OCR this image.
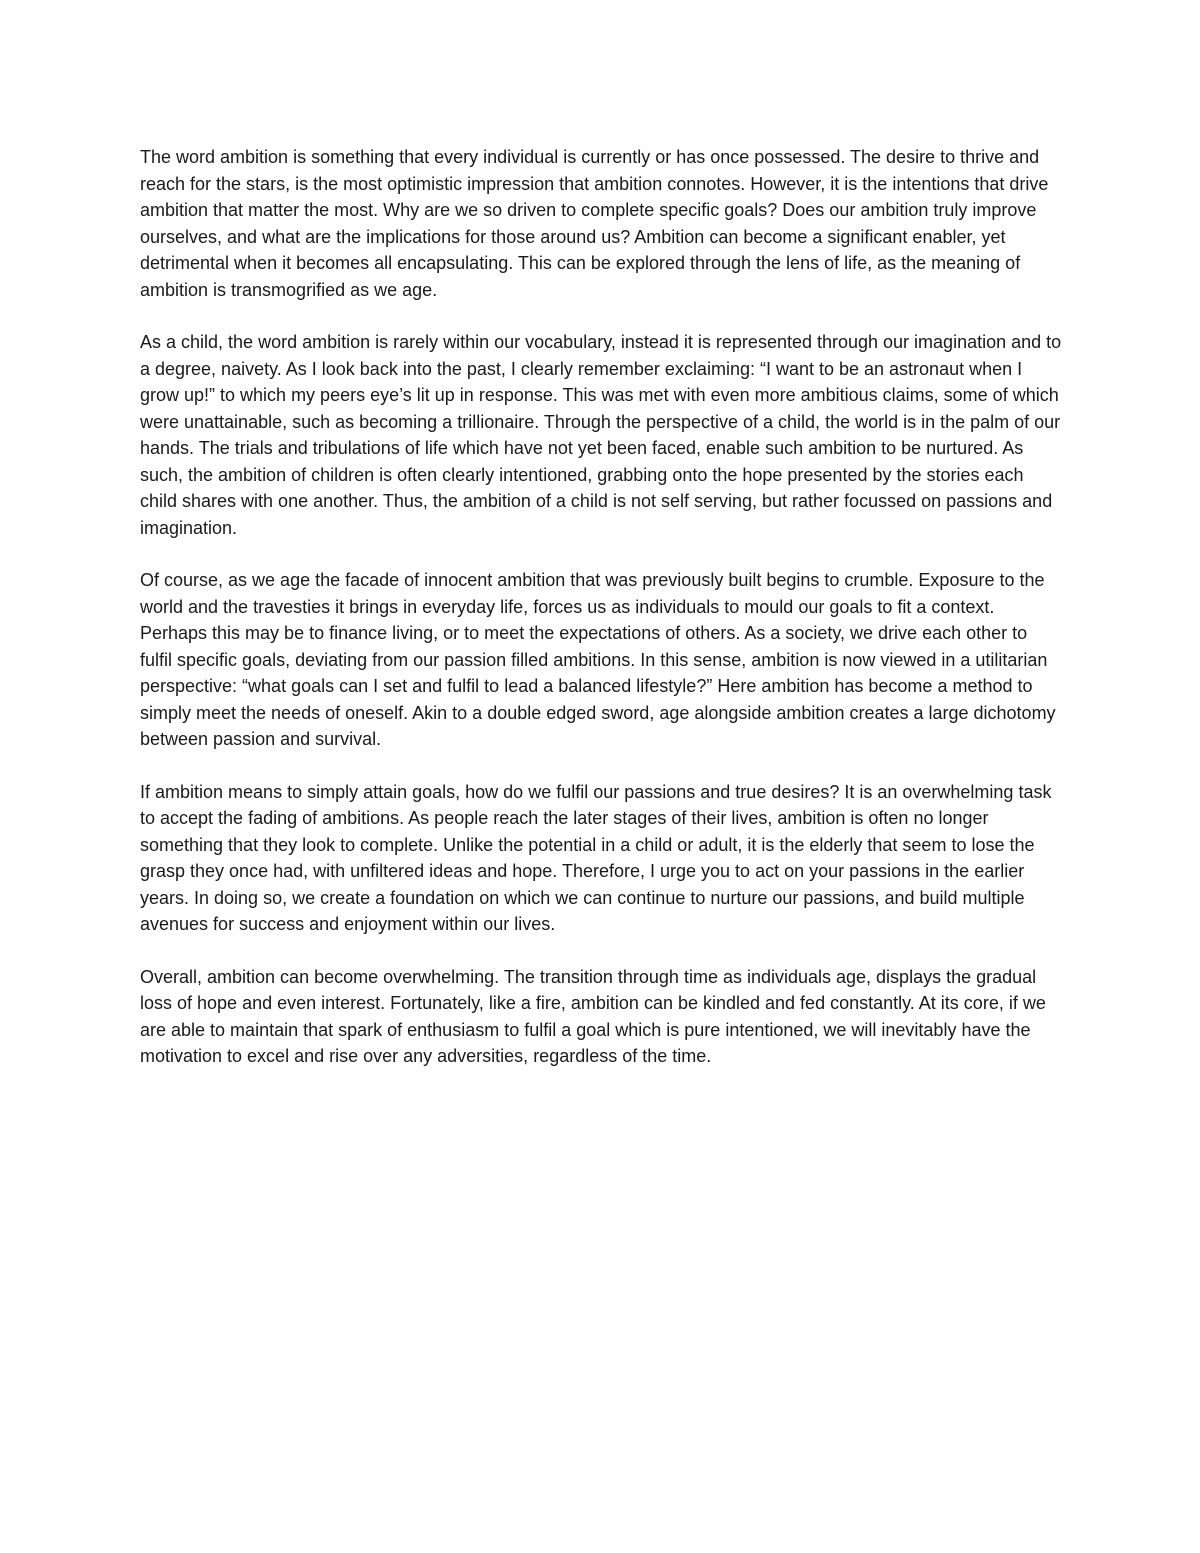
The word ambition is something that every individual is currently or has once possessed. The desire to thrive and reach for the stars, is the most optimistic impression that ambition connotes. However, it is the intentions that drive ambition that matter the most. Why are we so driven to complete specific goals? Does our ambition truly improve ourselves, and what are the implications for those around us? Ambition can become a significant enabler, yet detrimental when it becomes all encapsulating. This can be explored through the lens of life, as the meaning of ambition is transmogrified as we age.

As a child, the word ambition is rarely within our vocabulary, instead it is represented through our imagination and to a degree, naivety. As I look back into the past, I clearly remember exclaiming: “I want to be an astronaut when I grow up!” to which my peers eye’s lit up in response. This was met with even more ambitious claims, some of which were unattainable, such as becoming a trillionaire. Through the perspective of a child, the world is in the palm of our hands. The trials and tribulations of life which have not yet been faced, enable such ambition to be nurtured. As such, the ambition of children is often clearly intentioned, grabbing onto the hope presented by the stories each child shares with one another. Thus, the ambition of a child is not self serving, but rather focussed on passions and imagination.

Of course, as we age the facade of innocent ambition that was previously built begins to crumble. Exposure to the world and the travesties it brings in everyday life, forces us as individuals to mould our goals to fit a context. Perhaps this may be to finance living, or to meet the expectations of others. As a society, we drive each other to fulfil specific goals, deviating from our passion filled ambitions. In this sense, ambition is now viewed in a utilitarian perspective: “what goals can I set and fulfil to lead a balanced lifestyle?” Here ambition has become a method to simply meet the needs of oneself. Akin to a double edged sword, age alongside ambition creates a large dichotomy between passion and survival.

If ambition means to simply attain goals, how do we fulfil our passions and true desires? It is an overwhelming task to accept the fading of ambitions. As people reach the later stages of their lives, ambition is often no longer something that they look to complete. Unlike the potential in a child or adult, it is the elderly that seem to lose the grasp they once had, with unfiltered ideas and hope. Therefore, I urge you to act on your passions in the earlier years. In doing so, we create a foundation on which we can continue to nurture our passions, and build multiple avenues for success and enjoyment within our lives.

Overall, ambition can become overwhelming. The transition through time as individuals age, displays the gradual loss of hope and even interest. Fortunately, like a fire, ambition can be kindled and fed constantly. At its core, if we are able to maintain that spark of enthusiasm to fulfil a goal which is pure intentioned, we will inevitably have the motivation to excel and rise over any adversities, regardless of the time.
